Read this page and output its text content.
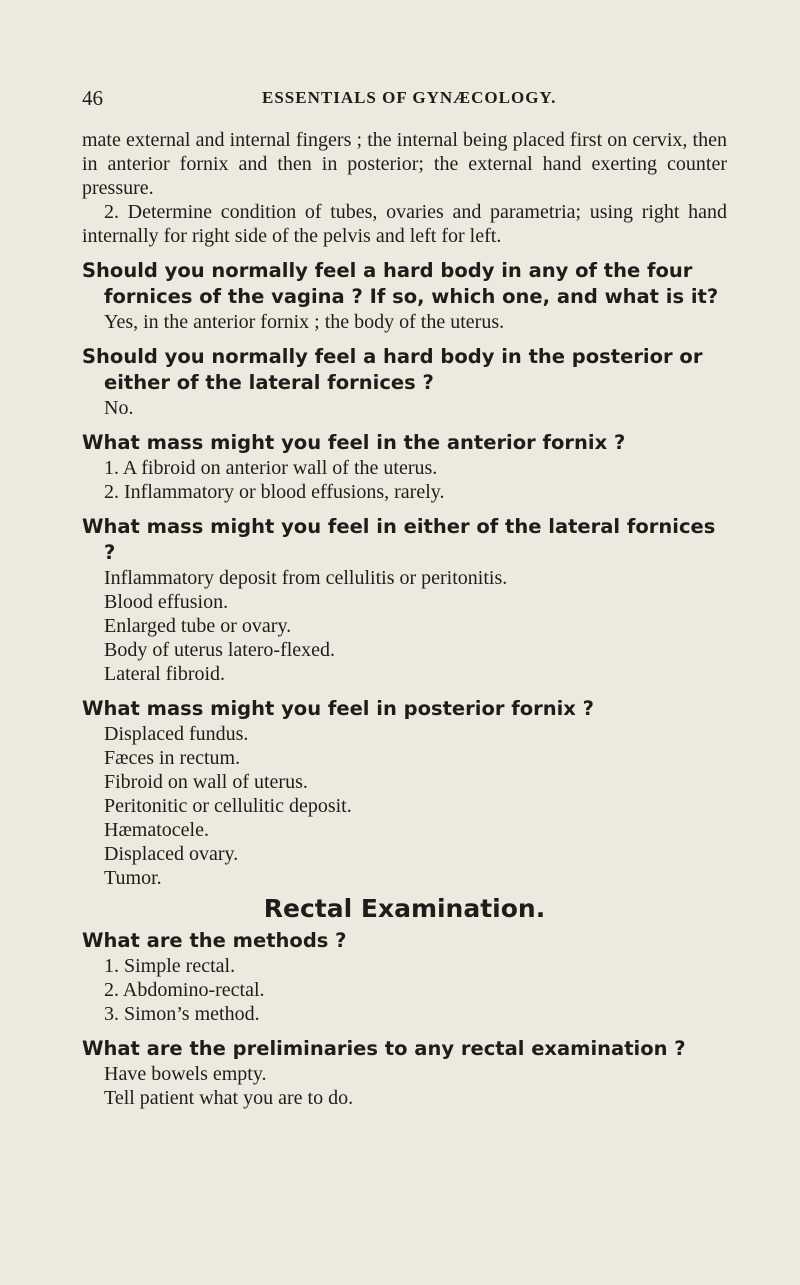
46	ESSENTIALS OF GYNÆCOLOGY.

mate external and internal fingers ; the internal being placed first on cervix, then in anterior fornix and then in posterior; the external hand exerting counter pressure.

2. Determine condition of tubes, ovaries and parametria; using right hand internally for right side of the pelvis and left for left.

Should you normally feel a hard body in any of the four fornices of the vagina ? If so, which one, and what is it?

Yes, in the anterior fornix ; the body of the uterus.

Should you normally feel a hard body in the posterior or either of the lateral fornices ?

No.

What mass might you feel in the anterior fornix ?

1. A fibroid on anterior wall of the uterus.

2. Inflammatory or blood effusions, rarely.

What mass might you feel in either of the lateral fornices ?

Inflammatory deposit from cellulitis or peritonitis.

Blood effusion.

Enlarged tube or ovary.

Body of uterus latero-flexed.

Lateral fibroid.

What mass might you feel in posterior fornix ?

Displaced fundus.

Fæces in rectum.

Fibroid on wall of uterus.

Peritonitic or cellulitic deposit.

Hæmatocele.

Displaced ovary.

Tumor.

Rectal Examination.

What are the methods ?

1. Simple rectal.

2. Abdomino-rectal.

3. Simon’s method.

What are the preliminaries to any rectal examination ?

Have bowels empty.

Tell patient what you are to do.
